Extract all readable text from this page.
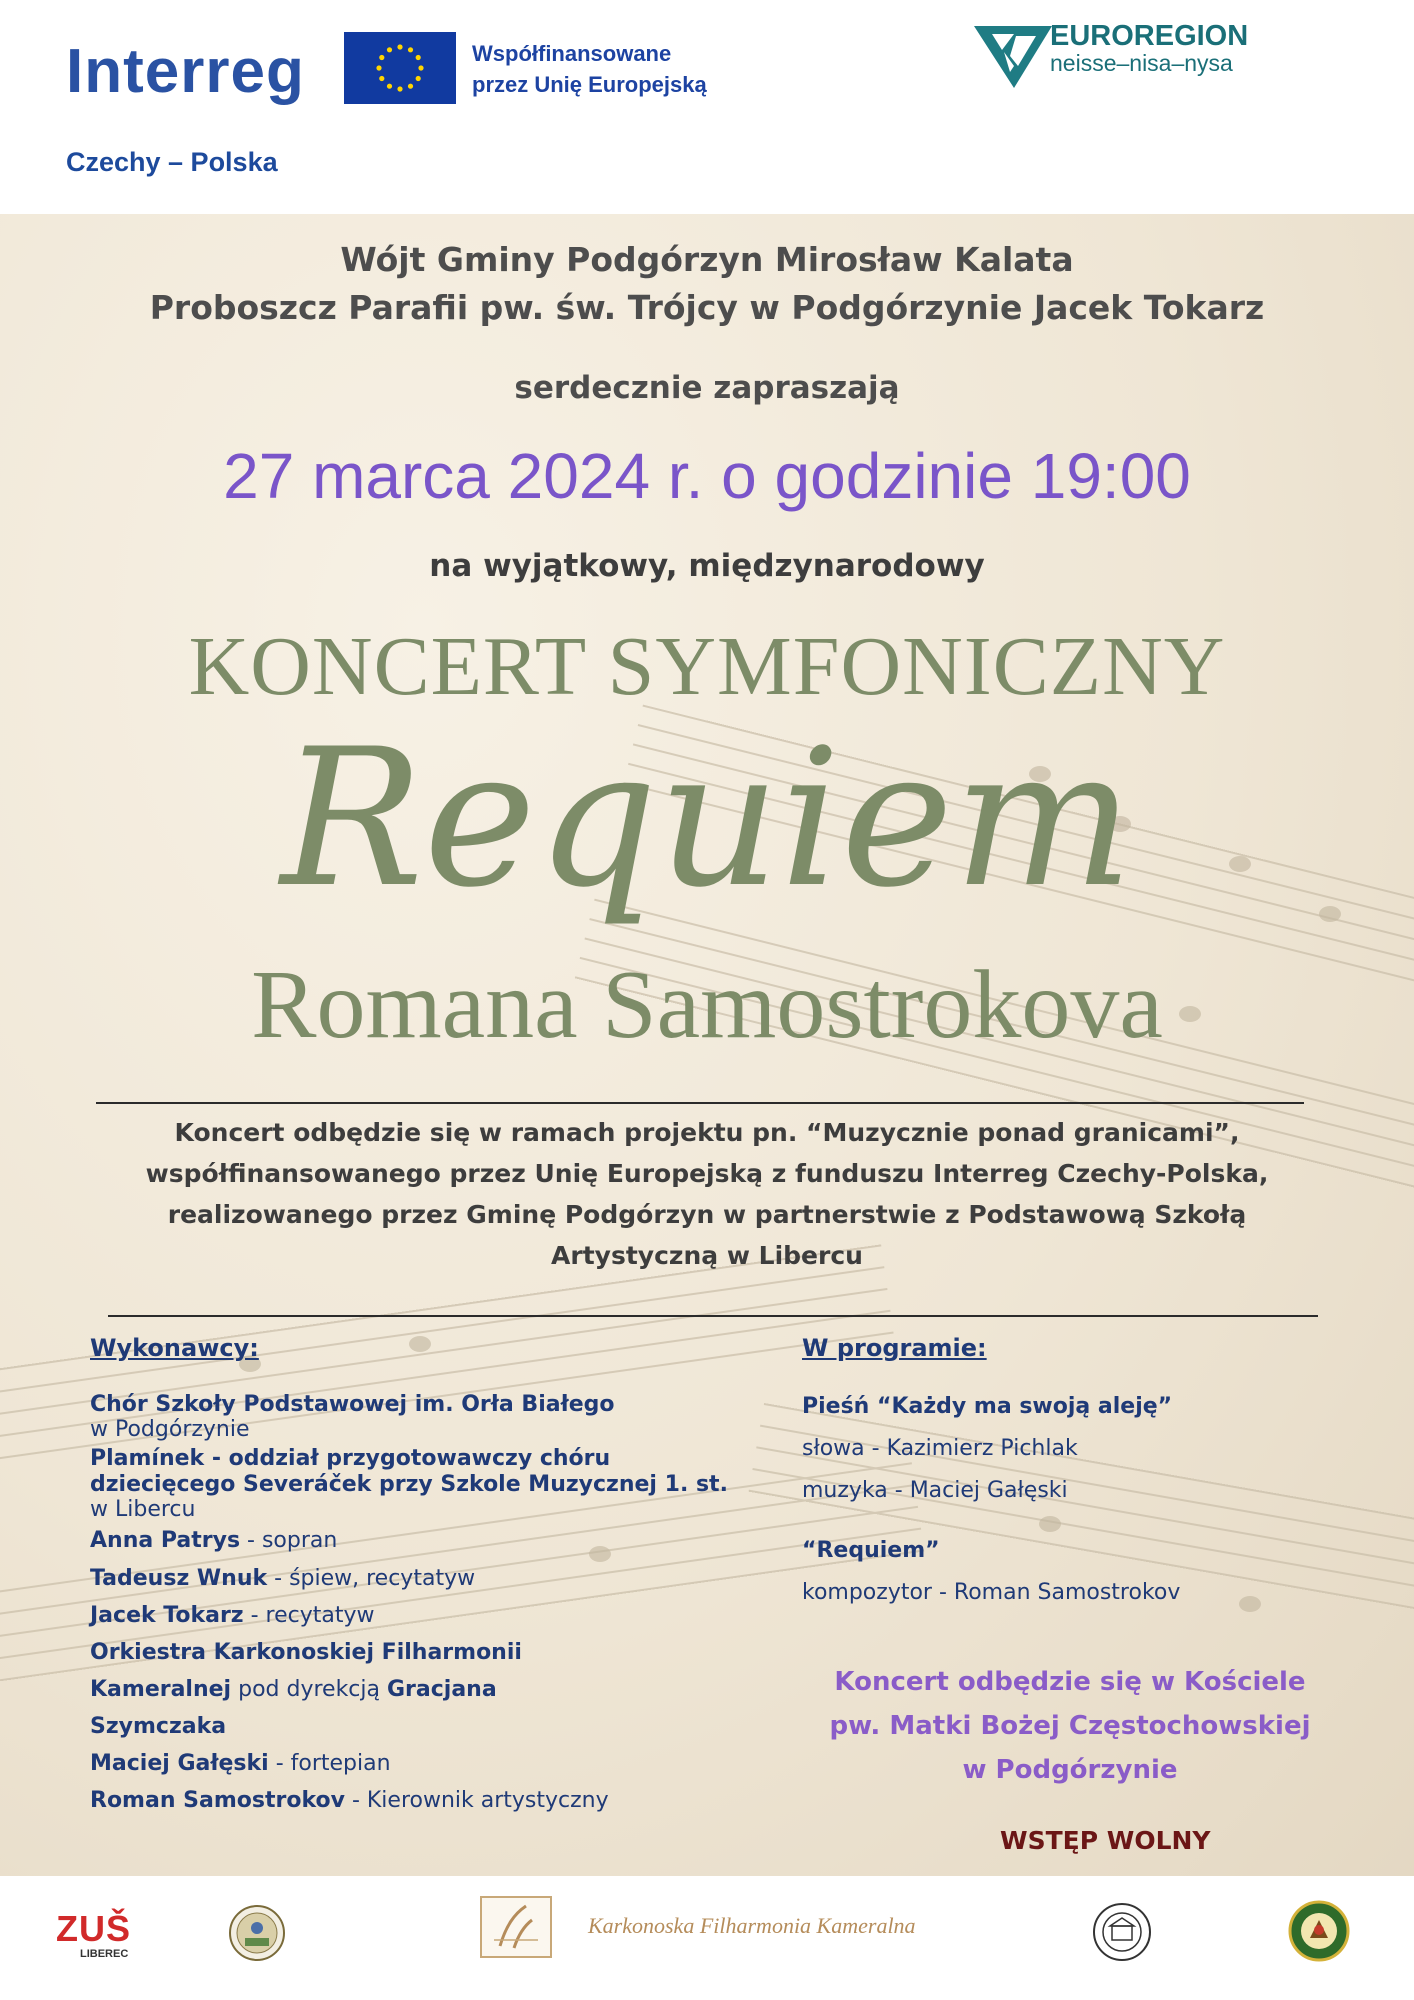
Interreg	Współfinansowane
przez Unię Europejską
Czechy – Polska
EUROREGION
neisse–nisa–nysa
Wójt Gminy Podgórzyn Mirosław Kalata
Proboszcz Parafii pw. św. Trójcy w Podgórzynie Jacek Tokarz
serdecznie zapraszają
27 marca 2024 r. o godzinie 19:00
na wyjątkowy, międzynarodowy
KONCERT SYMFONICZNY
Requiem
Romana Samostrokova
Koncert odbędzie się w ramach projektu pn. “Muzycznie ponad granicami”,
współfinansowanego przez Unię Europejską z funduszu Interreg Czechy-Polska,
realizowanego przez Gminę Podgórzyn w partnerstwie z Podstawową Szkołą
Artystyczną w Libercu
Wykonawcy:	W programie:
Chór Szkoły Podstawowej im. Orła Białego
w Podgórzynie
Plamínek - oddział przygotowawczy chóru
dziecięcego Severáček przy Szkole Muzycznej 1. st.
w Libercu
Anna Patrys - sopran
Tadeusz Wnuk - śpiew, recytatyw
Jacek Tokarz - recytatyw
Orkiestra Karkonoskiej Filharmonii
Kameralnej pod dyrekcją Gracjana
Szymczaka
Maciej Gałęski - fortepian
Roman Samostrokov - Kierownik artystyczny
Pieśń “Każdy ma swoją aleję”
słowa - Kazimierz Pichlak
muzyka - Maciej Gałęski
“Requiem”
kompozytor - Roman Samostrokov
Koncert odbędzie się w Kościele
pw. Matki Bożej Częstochowskiej
w Podgórzynie
WSTĘP WOLNY
ZUŠ
LIBEREC
Karkonoska Filharmonia Kameralna
